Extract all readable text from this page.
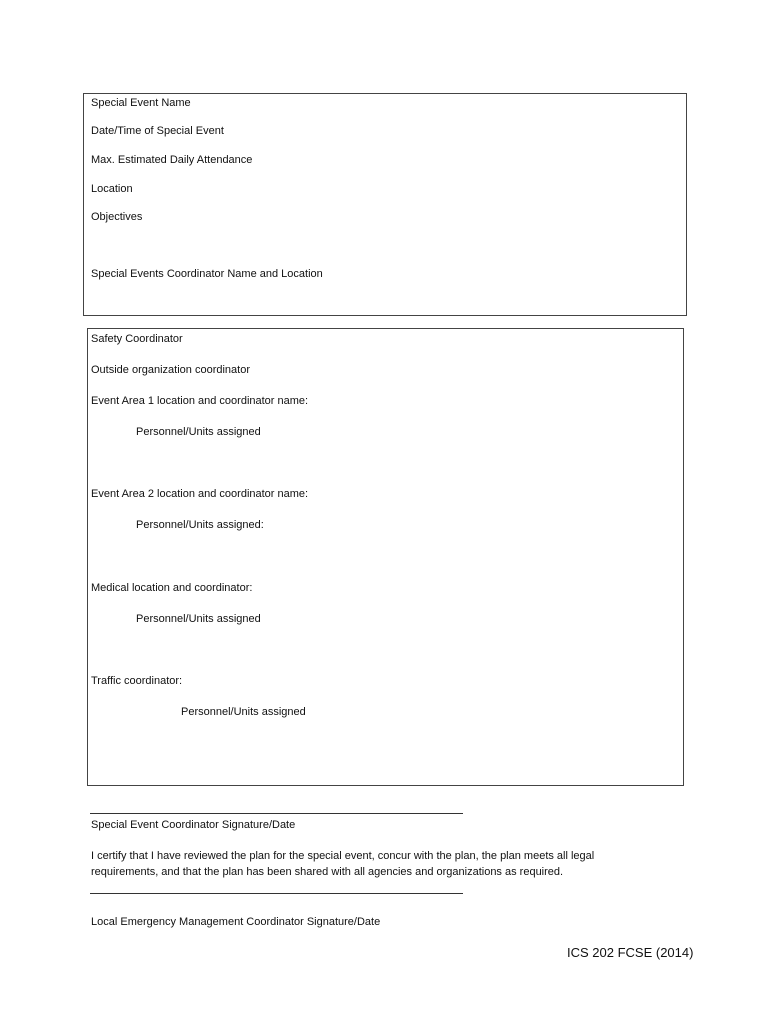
Special Event Name
Date/Time of Special Event
Max. Estimated Daily Attendance
Location
Objectives
Special Events Coordinator Name and Location
Safety Coordinator
Outside organization coordinator
Event Area 1 location and coordinator name:
Personnel/Units assigned
Event Area 2 location and coordinator name:
Personnel/Units assigned:
Medical location and coordinator:
Personnel/Units assigned
Traffic coordinator:
Personnel/Units assigned
Special Event Coordinator Signature/Date
I certify that I have reviewed the plan for the special event, concur with the plan, the plan meets all legal
requirements, and that the plan has been shared with all agencies and organizations as required.
Local Emergency Management Coordinator Signature/Date
ICS 202 FCSE (2014)
